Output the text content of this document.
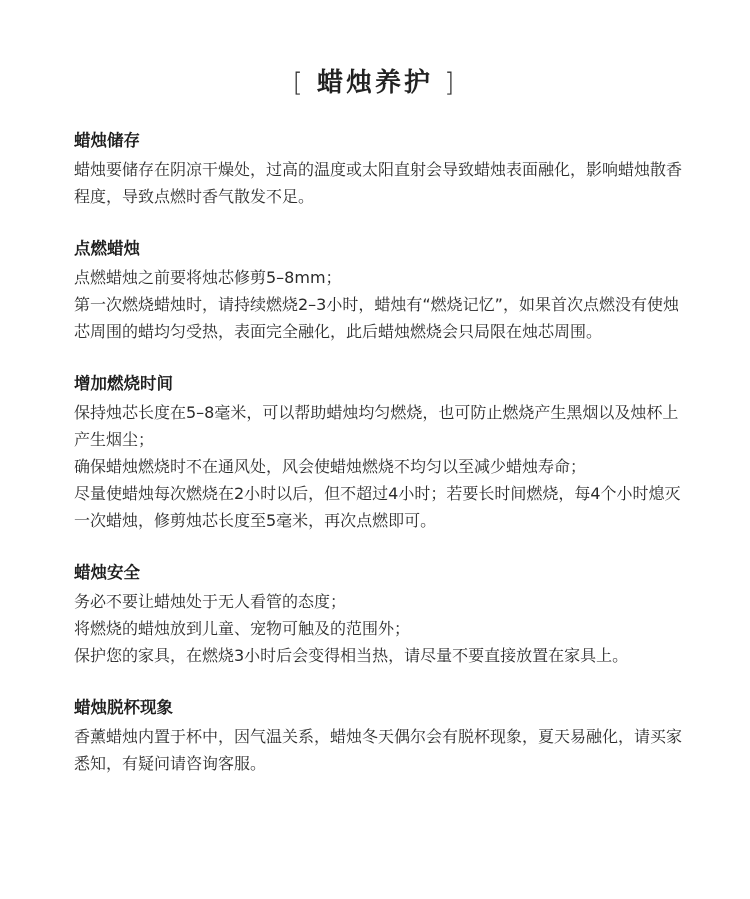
[ 蜡烛养护 ]
蜡烛储存

蜡烛要储存在阴凉干燥处，过高的温度或太阳直射会导致蜡烛表面融化，影响蜡烛散香程度，导致点燃时香气散发不足。

点燃蜡烛

点燃蜡烛之前要将烛芯修剪5–8mm；

第一次燃烧蜡烛时，请持续燃烧2–3小时，蜡烛有“燃烧记忆”，如果首次点燃没有使烛芯周围的蜡均匀受热，表面完全融化，此后蜡烛燃烧会只局限在烛芯周围。

增加燃烧时间

保持烛芯长度在5–8毫米，可以帮助蜡烛均匀燃烧，也可防止燃烧产生黑烟以及烛杯上产生烟尘；

确保蜡烛燃烧时不在通风处，风会使蜡烛燃烧不均匀以至减少蜡烛寿命；

尽量使蜡烛每次燃烧在2小时以后，但不超过4小时；若要长时间燃烧，每4个小时熄灭一次蜡烛，修剪烛芯长度至5毫米，再次点燃即可。

蜡烛安全

务必不要让蜡烛处于无人看管的态度；

将燃烧的蜡烛放到儿童、宠物可触及的范围外；

保护您的家具，在燃烧3小时后会变得相当热，请尽量不要直接放置在家具上。

蜡烛脱杯现象

香薰蜡烛内置于杯中，因气温关系，蜡烛冬天偶尔会有脱杯现象，夏天易融化，请买家悉知，有疑问请咨询客服。
